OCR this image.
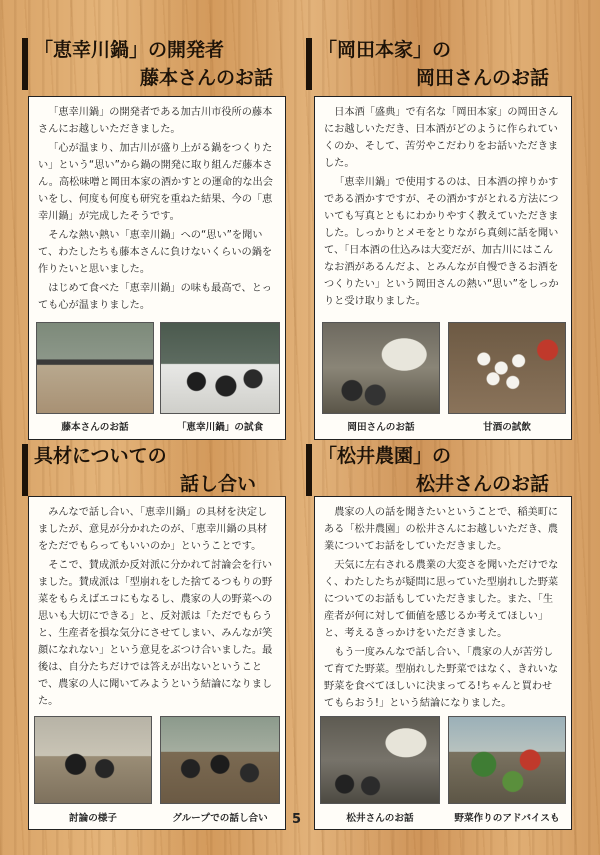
「恵幸川鍋」の開発者
藤本さんのお話

「恵幸川鍋」の開発者である加古川市役所の藤本さんにお越しいただきました。

「心が温まり、加古川が盛り上がる鍋をつくりたい」という“思い”から鍋の開発に取り組んだ藤本さん。高松味噌と岡田本家の酒かすとの運命的な出会いをし、何度も何度も研究を重ねた結果、今の「恵幸川鍋」が完成したそうです。

そんな熱い熱い「恵幸川鍋」への“思い”を聞いて、わたしたちも藤本さんに負けないくらいの鍋を作りたいと思いました。

はじめて食べた「恵幸川鍋」の味も最高で、とっても心が温まりました。

藤本さんのお話	「恵幸川鍋」の試食
「岡田本家」の
岡田さんのお話

日本酒「盛典」で有名な「岡田本家」の岡田さんにお越しいただき、日本酒がどのように作られていくのか、そして、苦労やこだわりをお話いただきました。

「恵幸川鍋」で使用するのは、日本酒の搾りかすである酒かすですが、その酒かすがとれる方法についても写真とともにわかりやすく教えていただきました。しっかりとメモをとりながら真剣に話を聞いて、「日本酒の仕込みは大変だが、加古川にはこんなお酒があるんだよ、とみんなが自慢できるお酒をつくりたい」という岡田さんの熱い“思い”をしっかりと受け取りました。

岡田さんのお話	甘酒の試飲
具材についての
話し合い

みんなで話し合い、「恵幸川鍋」の具材を決定しましたが、意見が分かれたのが、「恵幸川鍋の具材をただでもらってもいいのか」ということです。

そこで、賛成派か反対派に分かれて討論会を行いました。賛成派は「型崩れをした捨てるつもりの野菜をもらえばエコにもなるし、農家の人の野菜への思いも大切にできる」と、反対派は「ただでもらうと、生産者を損な気分にさせてしまい、みんなが笑顔になれない」という意見をぶつけ合いました。最後は、自分たちだけでは答えが出ないということで、農家の人に聞いてみようという結論になりました。

討論の様子	グループでの話し合い
「松井農園」の
松井さんのお話

農家の人の話を聞きたいということで、稲美町にある「松井農園」の松井さんにお越しいただき、農業についてお話をしていただきました。

天気に左右される農業の大変さを聞いただけでなく、わたしたちが疑問に思っていた型崩れした野菜についてのお話もしていただきました。また、「生産者が何に対して価値を感じるか考えてほしい」と、考えるきっかけをいただきました。

もう一度みんなで話し合い、「農家の人が苦労して育てた野菜。型崩れした野菜ではなく、きれいな野菜を食べてほしいに決まってる!ちゃんと買わせてもらおう!」という結論になりました。

松井さんのお話	野菜作りのアドバイスも
5
